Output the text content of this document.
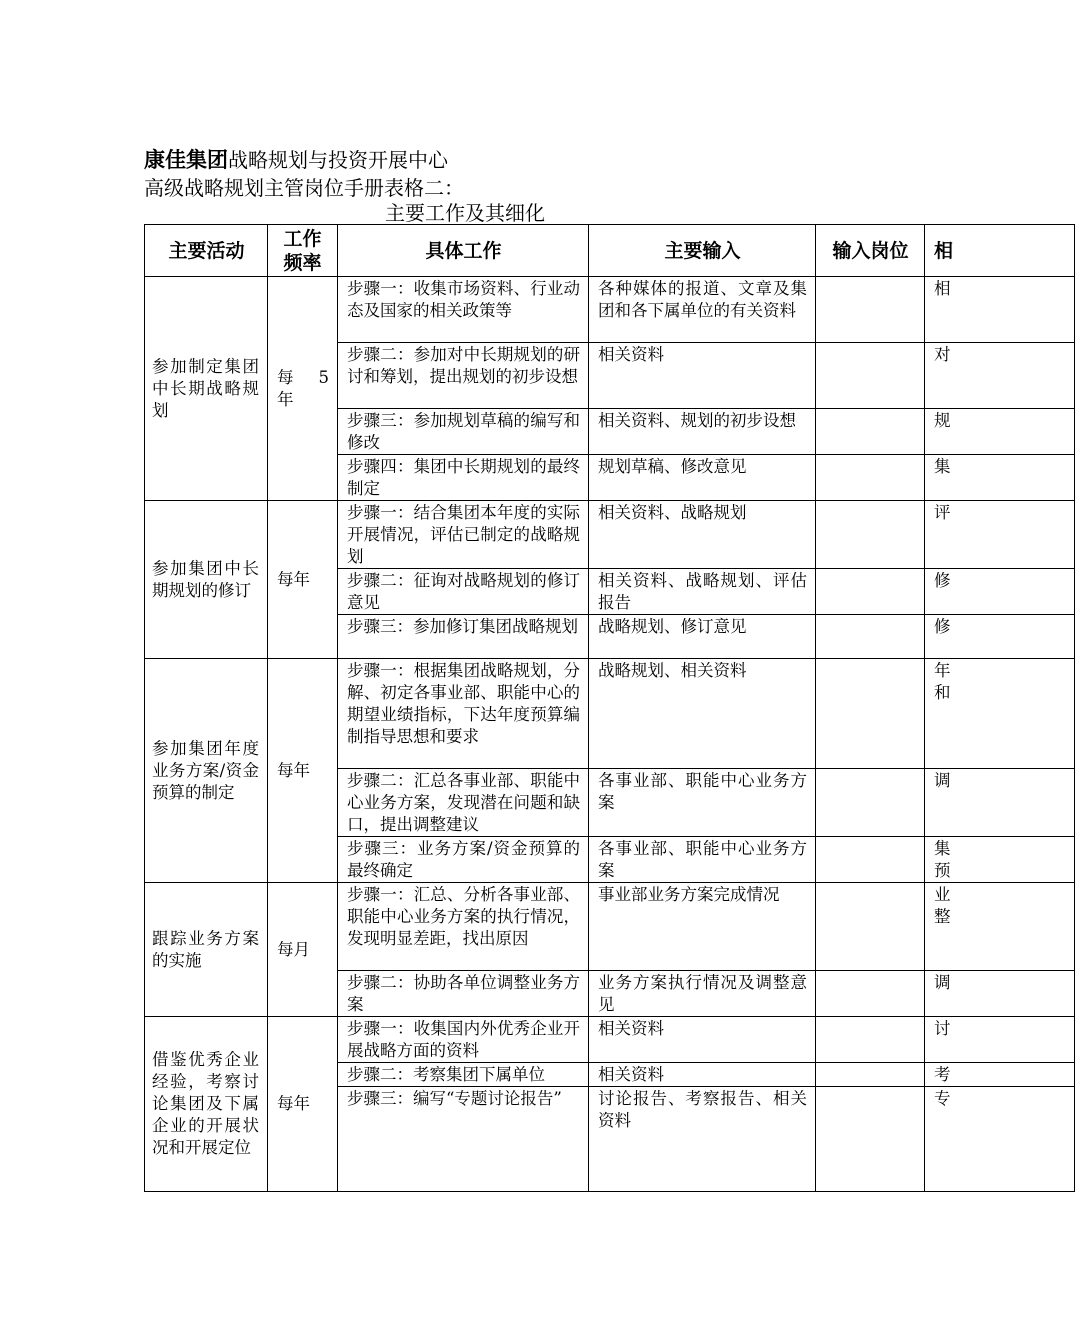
康佳集团战略规划与投资开展中心
高级战略规划主管岗位手册表格二：
主要工作及其细化
主要活动	工作频率	具体工作	主要输入	输入岗位	相
参加制定集团中长期战略规划	每 5 年	步骤一：收集市场资料、行业动态及国家的相关政策等	各种媒体的报道、文章及集团和各下属单位的有关资料		相
		步骤二：参加对中长期规划的研讨和筹划，提出规划的初步设想	相关资料		对
		步骤三：参加规划草稿的编写和修改	相关资料、规划的初步设想		规
		步骤四：集团中长期规划的最终制定	规划草稿、修改意见		集
参加集团中长期规划的修订	每年	步骤一：结合集团本年度的实际开展情况，评估已制定的战略规划	相关资料、战略规划		评
		步骤二：征询对战略规划的修订意见	相关资料、战略规划、评估报告		修
		步骤三：参加修订集团战略规划	战略规划、修订意见		修
参加集团年度业务方案/资金预算的制定	每年	步骤一：根据集团战略规划，分解、初定各事业部、职能中心的期望业绩指标，下达年度预算编制指导思想和要求	战略规划、相关资料		年
和
		步骤二：汇总各事业部、职能中心业务方案，发现潜在问题和缺口，提出调整建议	各事业部、职能中心业务方案		调
		步骤三：业务方案/资金预算的最终确定	各事业部、职能中心业务方案		集
预
跟踪业务方案的实施	每月	步骤一：汇总、分析各事业部、职能中心业务方案的执行情况，发现明显差距，找出原因	事业部业务方案完成情况		业
整
		步骤二：协助各单位调整业务方案	业务方案执行情况及调整意见		调
借鉴优秀企业经验，考察讨论集团及下属企业的开展状况和开展定位	每年	步骤一：收集国内外优秀企业开展战略方面的资料	相关资料		讨
		步骤二：考察集团下属单位	相关资料		考
		步骤三：编写“专题讨论报告”	讨论报告、考察报告、相关资料		专
